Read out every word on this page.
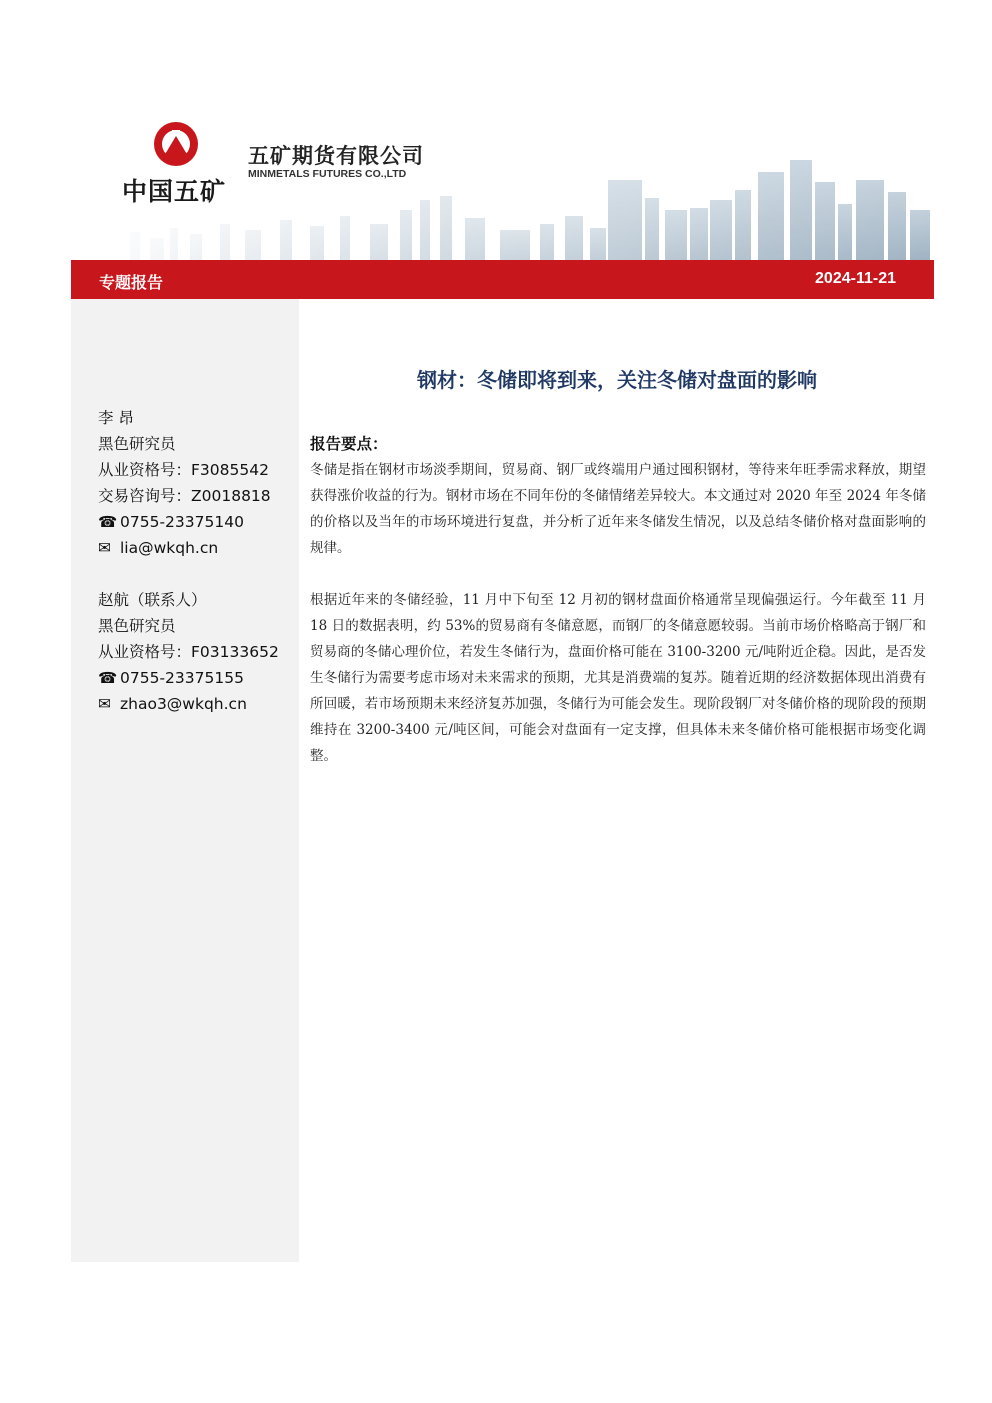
中国五矿
五矿期货有限公司
MINMETALS FUTURES CO.,LTD
专题报告	2024-11-21
李 昂
黑色研究员
从业资格号：F3085542
交易咨询号：Z0018818
☎ 0755-23375140
✉ lia@wkqh.cn
赵航（联系人）
黑色研究员
从业资格号：F03133652
☎ 0755-23375155
✉ zhao3@wkqh.cn
钢材：冬储即将到来，关注冬储对盘面的影响
报告要点：
冬储是指在钢材市场淡季期间，贸易商、钢厂或终端用户通过囤积钢材，等待来年旺季需求释放，期望获得涨价收益的行为。钢材市场在不同年份的冬储情绪差异较大。本文通过对 2020 年至 2024 年冬储的价格以及当年的市场环境进行复盘，并分析了近年来冬储发生情况，以及总结冬储价格对盘面影响的规律。
根据近年来的冬储经验，11 月中下旬至 12 月初的钢材盘面价格通常呈现偏强运行。今年截至 11 月 18 日的数据表明，约 53%的贸易商有冬储意愿，而钢厂的冬储意愿较弱。当前市场价格略高于钢厂和贸易商的冬储心理价位，若发生冬储行为，盘面价格可能在 3100-3200 元/吨附近企稳。因此，是否发生冬储行为需要考虑市场对未来需求的预期，尤其是消费端的复苏。随着近期的经济数据体现出消费有所回暖，若市场预期未来经济复苏加强，冬储行为可能会发生。现阶段钢厂对冬储价格的现阶段的预期维持在 3200-3400 元/吨区间，可能会对盘面有一定支撑，但具体未来冬储价格可能根据市场变化调整。
